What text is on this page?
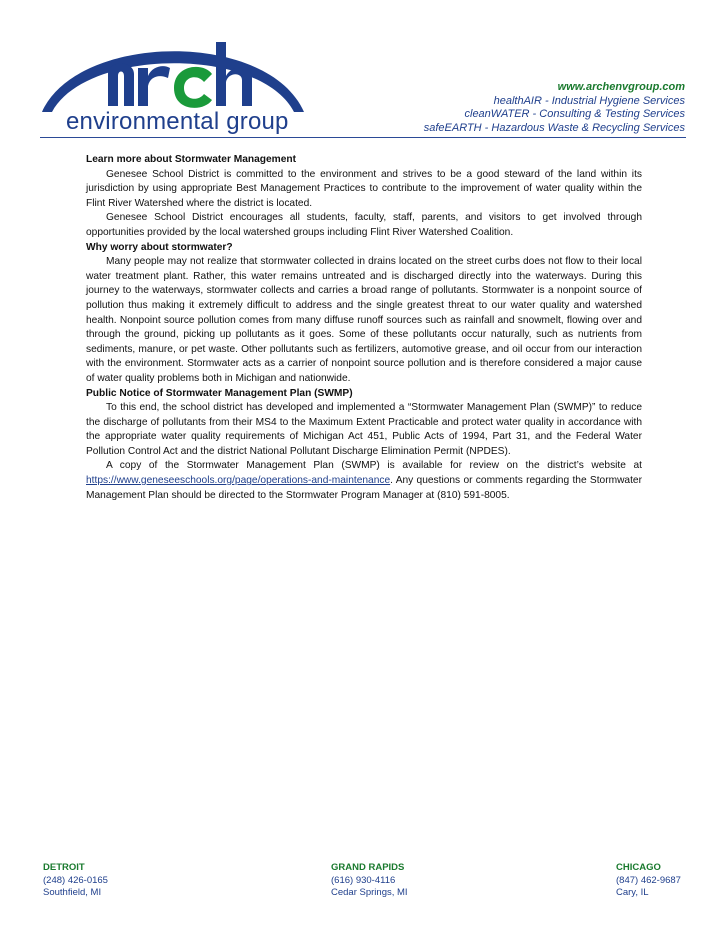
environmental group
www.archenvgroup.com
healthAIR - Industrial Hygiene Services
cleanWATER - Consulting & Testing Services
safeEARTH - Hazardous Waste & Recycling Services
Learn more about Stormwater Management

Genesee School District is committed to the environment and strives to be a good steward of the land within its jurisdiction by using appropriate Best Management Practices to contribute to the improvement of water quality within the Flint River Watershed where the district is located.

Genesee School District encourages all students, faculty, staff, parents, and visitors to get involved through opportunities provided by the local watershed groups including Flint River Watershed Coalition.

Why worry about stormwater?

Many people may not realize that stormwater collected in drains located on the street curbs does not flow to their local water treatment plant. Rather, this water remains untreated and is discharged directly into the waterways. During this journey to the waterways, stormwater collects and carries a broad range of pollutants. Stormwater is a nonpoint source of pollution thus making it extremely difficult to address and the single greatest threat to our water quality and watershed health. Nonpoint source pollution comes from many diffuse runoff sources such as rainfall and snowmelt, flowing over and through the ground, picking up pollutants as it goes. Some of these pollutants occur naturally, such as nutrients from sediments, manure, or pet waste. Other pollutants such as fertilizers, automotive grease, and oil occur from our interaction with the environment. Stormwater acts as a carrier of nonpoint source pollution and is therefore considered a major cause of water quality problems both in Michigan and nationwide.

Public Notice of Stormwater Management Plan (SWMP)

To this end, the school district has developed and implemented a “Stormwater Management Plan (SWMP)” to reduce the discharge of pollutants from their MS4 to the Maximum Extent Practicable and protect water quality in accordance with the appropriate water quality requirements of Michigan Act 451, Public Acts of 1994, Part 31, and the Federal Water Pollution Control Act and the district National Pollutant Discharge Elimination Permit (NPDES).

A copy of the Stormwater Management Plan (SWMP) is available for review on the district’s website at https://www.geneseeschools.org/page/operations-and-maintenance. Any questions or comments regarding the Stormwater Management Plan should be directed to the Stormwater Program Manager at (810) 591-8005.

DETROIT
(248) 426-0165
Southfield, MI
GRAND RAPIDS
(616) 930-4116
Cedar Springs, MI
CHICAGO
(847) 462-9687
Cary, IL
